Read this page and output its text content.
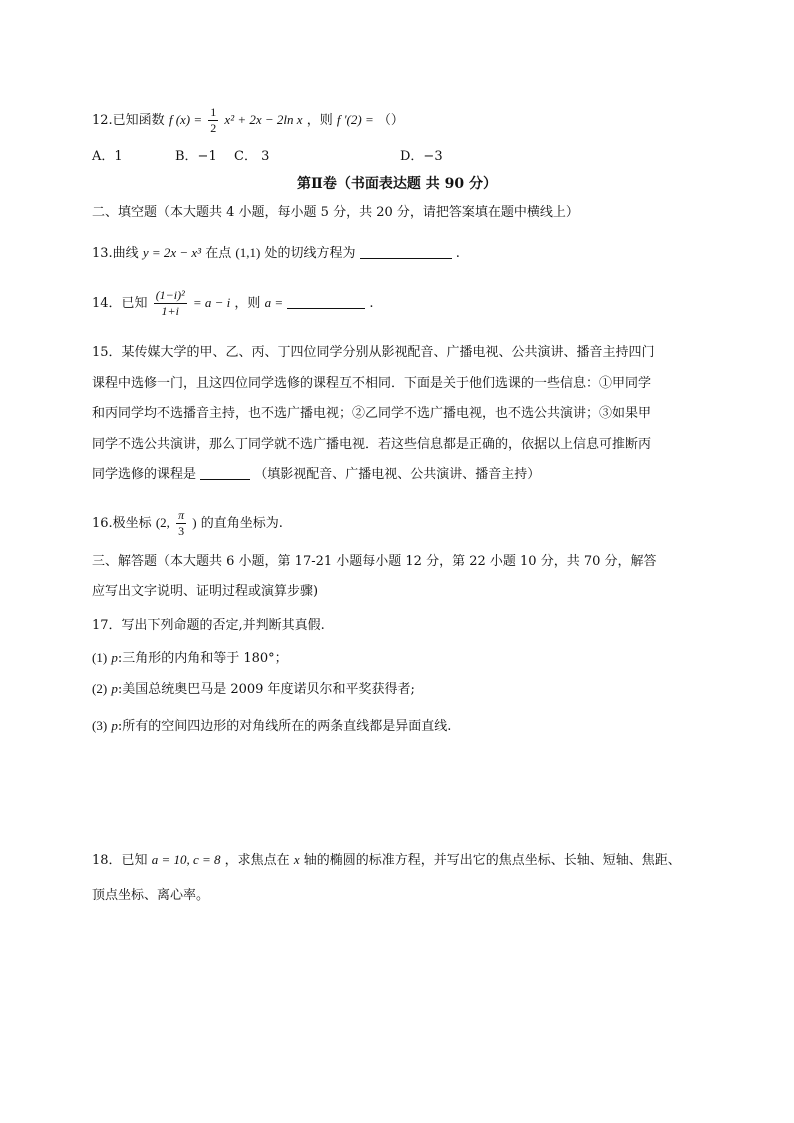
12.已知函数 f $(x) = \frac{1}{2} x^2 + 2x - 2\ln$ x ，则 f ′(2) = （）
A．1	B．−1 C． 3	D．−3
第Ⅱ卷（书面表达题 共 90 分）
二、填空题（本大题共 4 小题，每小题 5 分，共 20 分，请把答案填在题中横线上）
13.曲线 y = 2x − x³ 在点 (1,1) 处的切线方程为	.
14．已知 $\frac{\text{(1−i)²}}{1+i} = a - i$ ，则 a =	.
15．某传媒大学的甲、乙、丙、丁四位同学分别从影视配音、广播电视、公共演讲、播音主持四门
课程中选修一门，且这四位同学选修的课程互不相同．下面是关于他们选课的一些信息：①甲同学
和丙同学均不选播音主持，也不选广播电视；②乙同学不选广播电视，也不选公共演讲；③如果甲
同学不选公共演讲，那么丁同学就不选广播电视．若这些信息都是正确的，依据以上信息可推断丙
同学选修的课程是	（填影视配音、广播电视、公共演讲、播音主持）
16.极坐标 (2, $\frac{\pi}{3}$ ) 的直角坐标为.
三、解答题（本大题共 6 小题，第 17-21 小题每小题 12 分，第 22 小题 10 分，共 70 分，解答
应写出文字说明、证明过程或演算步骤)
17．写出下列命题的否定,并判断其真假.
(1) p:三角形的内角和等于 180°；
(2) p:美国总统奥巴马是 2009 年度诺贝尔和平奖获得者;
(3) p:所有的空间四边形的对角线所在的两条直线都是异面直线.
18．已知 a = 10, c = 8 ，求焦点在 x 轴的椭圆的标准方程，并写出它的焦点坐标、长轴、短轴、焦距、
顶点坐标、离心率。
